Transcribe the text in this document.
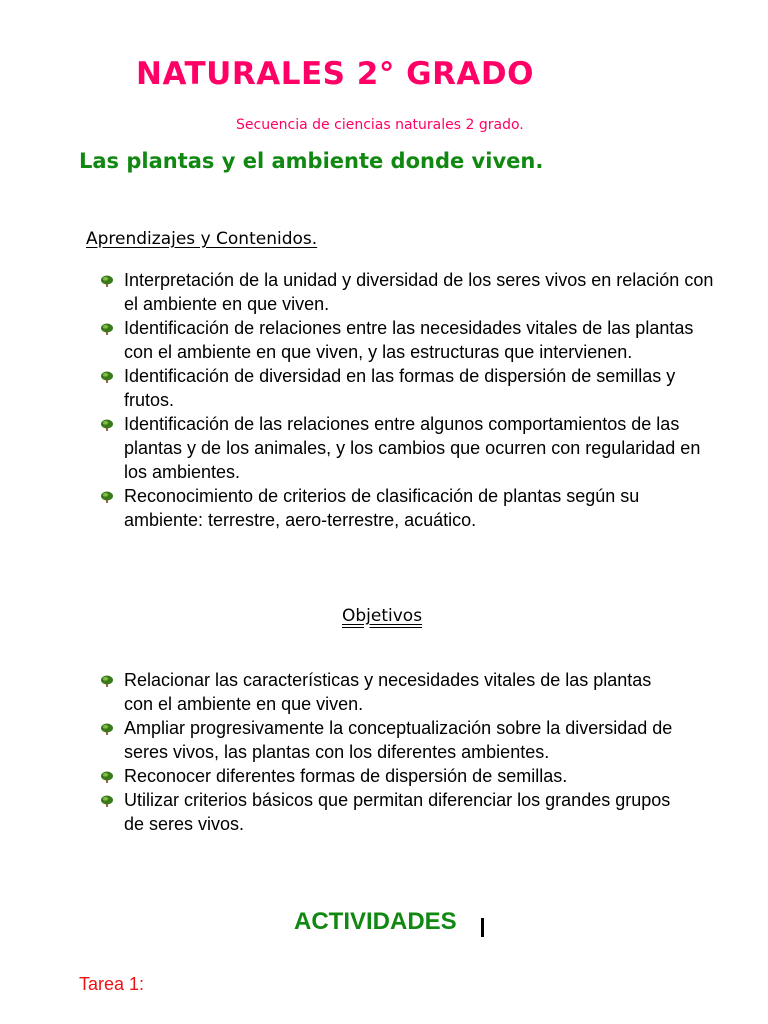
NATURALES 2° GRADO
Secuencia de ciencias naturales 2 grado.
Las plantas y el ambiente donde viven.
Aprendizajes y Contenidos.
Interpretación de la unidad y diversidad de los seres vivos en relación con el ambiente en que viven.
Identificación de relaciones entre las necesidades vitales de las plantas con el ambiente en que viven, y las estructuras que intervienen.
Identificación de diversidad en las formas de dispersión de semillas y frutos.
Identificación de las relaciones entre algunos comportamientos de las plantas y de los animales, y los cambios que ocurren con regularidad en los ambientes.
Reconocimiento de criterios de clasificación de plantas según su ambiente: terrestre, aero-terrestre, acuático.
Objetivos
Relacionar las características y necesidades vitales de las plantas con el ambiente en que viven.
Ampliar progresivamente la conceptualización sobre la diversidad de seres vivos, las plantas con los diferentes ambientes.
Reconocer diferentes formas de dispersión de semillas.
Utilizar criterios básicos que permitan diferenciar los grandes grupos de seres vivos.
ACTIVIDADES
Tarea 1:
